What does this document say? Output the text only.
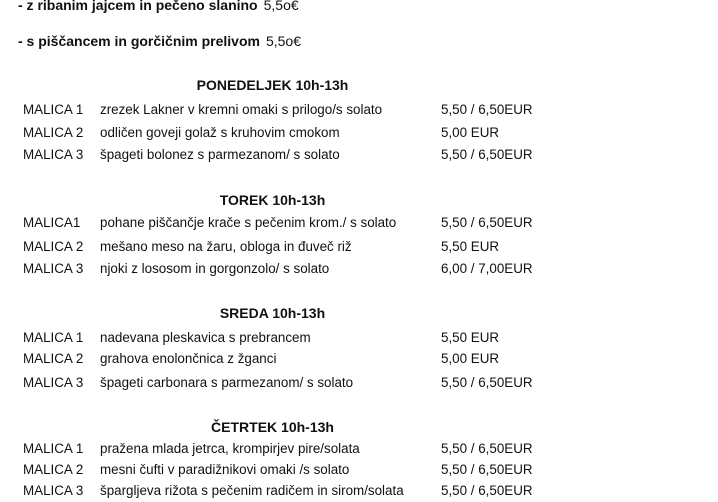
- z ribanim jajcem in pečeno slanino 5,5o€
- s piščancem in gorčičnim prelivom 5,5o€
PONEDELJEK 10h-13h
MALICA 1 zrezek Lakner v kremni omaki s prilogo/s solato	5,50 / 6,50EUR
MALICA 2 odličen goveji golaž s kruhovim cmokom	5,00 EUR
MALICA 3 špageti bolonez s parmezanom/ s solato	5,50 / 6,50EUR
TOREK 10h-13h
MALICA1 pohane piščančje krače s pečenim krom./ s solato	5,50 / 6,50EUR
MALICA 2 mešano meso na žaru, obloga in đuveč riž	5,50 EUR
MALICA 3 njoki z lososom in gorgonzolo/ s solato	6,00 / 7,00EUR
SREDA 10h-13h
MALICA 1 nadevana pleskavica s prebrancem	5,50 EUR
MALICA 2 grahova enolončnica z žganci	5,00 EUR
MALICA 3 špageti carbonara s parmezanom/ s solato	5,50 / 6,50EUR
ČETRTEK 10h-13h
MALICA 1 pražena mlada jetrca, krompirjev pire/solata	5,50 / 6,50EUR
MALICA 2 mesni čufti v paradižnikovi omaki /s solato	5,50 / 6,50EUR
MALICA 3 špargljeva rižota s pečenim radičem in sirom/solata	5,50 / 6,50EUR
